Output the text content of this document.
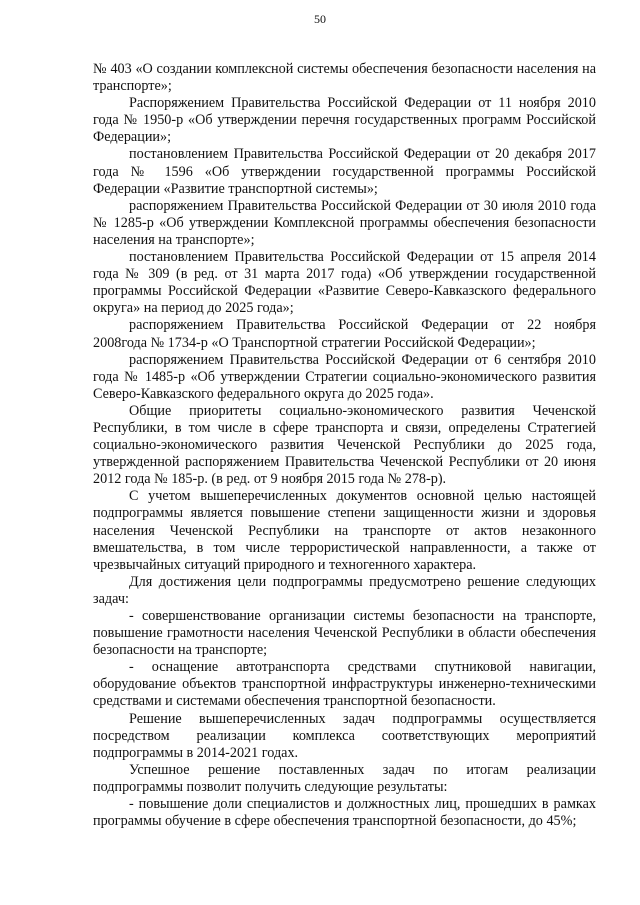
50

№ 403 «О создании комплексной системы обеспечения безопасности населения на транспорте»;

Распоряжением Правительства Российской Федерации от 11 ноября 2010 года № 1950-р «Об утверждении перечня государственных программ Российской Федерации»;

постановлением Правительства Российской Федерации от 20 декабря 2017 года № 1596 «Об утверждении государственной программы Российской Федерации «Развитие транспортной системы»;

распоряжением Правительства Российской Федерации от 30 июля 2010 года № 1285-р «Об утверждении Комплексной программы обеспечения безопасности населения на транспорте»;

постановлением Правительства Российской Федерации от 15 апреля 2014 года № 309 (в ред. от 31 марта 2017 года) «Об утверждении государственной программы Российской Федерации «Развитие Северо-Кавказского федерального округа» на период до 2025 года»;

распоряжением Правительства Российской Федерации от 22 ноября 2008года № 1734-р «О Транспортной стратегии Российской Федерации»;

распоряжением Правительства Российской Федерации от 6 сентября 2010 года № 1485-р «Об утверждении Стратегии социально-экономического развития Северо-Кавказского федерального округа до 2025 года».

Общие приоритеты социально-экономического развития Чеченской Республики, в том числе в сфере транспорта и связи, определены Стратегией социально-экономического развития Чеченской Республики до 2025 года, утвержденной распоряжением Правительства Чеченской Республики от 20 июня 2012 года № 185-р. (в ред. от 9 ноября 2015 года № 278-р).

С учетом вышеперечисленных документов основной целью настоящей подпрограммы является повышение степени защищенности жизни и здоровья населения Чеченской Республики на транспорте от актов незаконного вмешательства, в том числе террористической направленности, а также от чрезвычайных ситуаций природного и техногенного характера.

Для достижения цели подпрограммы предусмотрено решение следующих задач:

- совершенствование организации системы безопасности на транспорте, повышение грамотности населения Чеченской Республики в области обеспечения безопасности на транспорте;

- оснащение автотранспорта средствами спутниковой навигации, оборудование объектов транспортной инфраструктуры инженерно-техническими средствами и системами обеспечения транспортной безопасности.

Решение вышеперечисленных задач подпрограммы осуществляется посредством реализации комплекса соответствующих мероприятий подпрограммы в 2014-2021 годах.

Успешное решение поставленных задач по итогам реализации подпрограммы позволит получить следующие результаты:

- повышение доли специалистов и должностных лиц, прошедших в рамках программы обучение в сфере обеспечения транспортной безопасности, до 45%;
